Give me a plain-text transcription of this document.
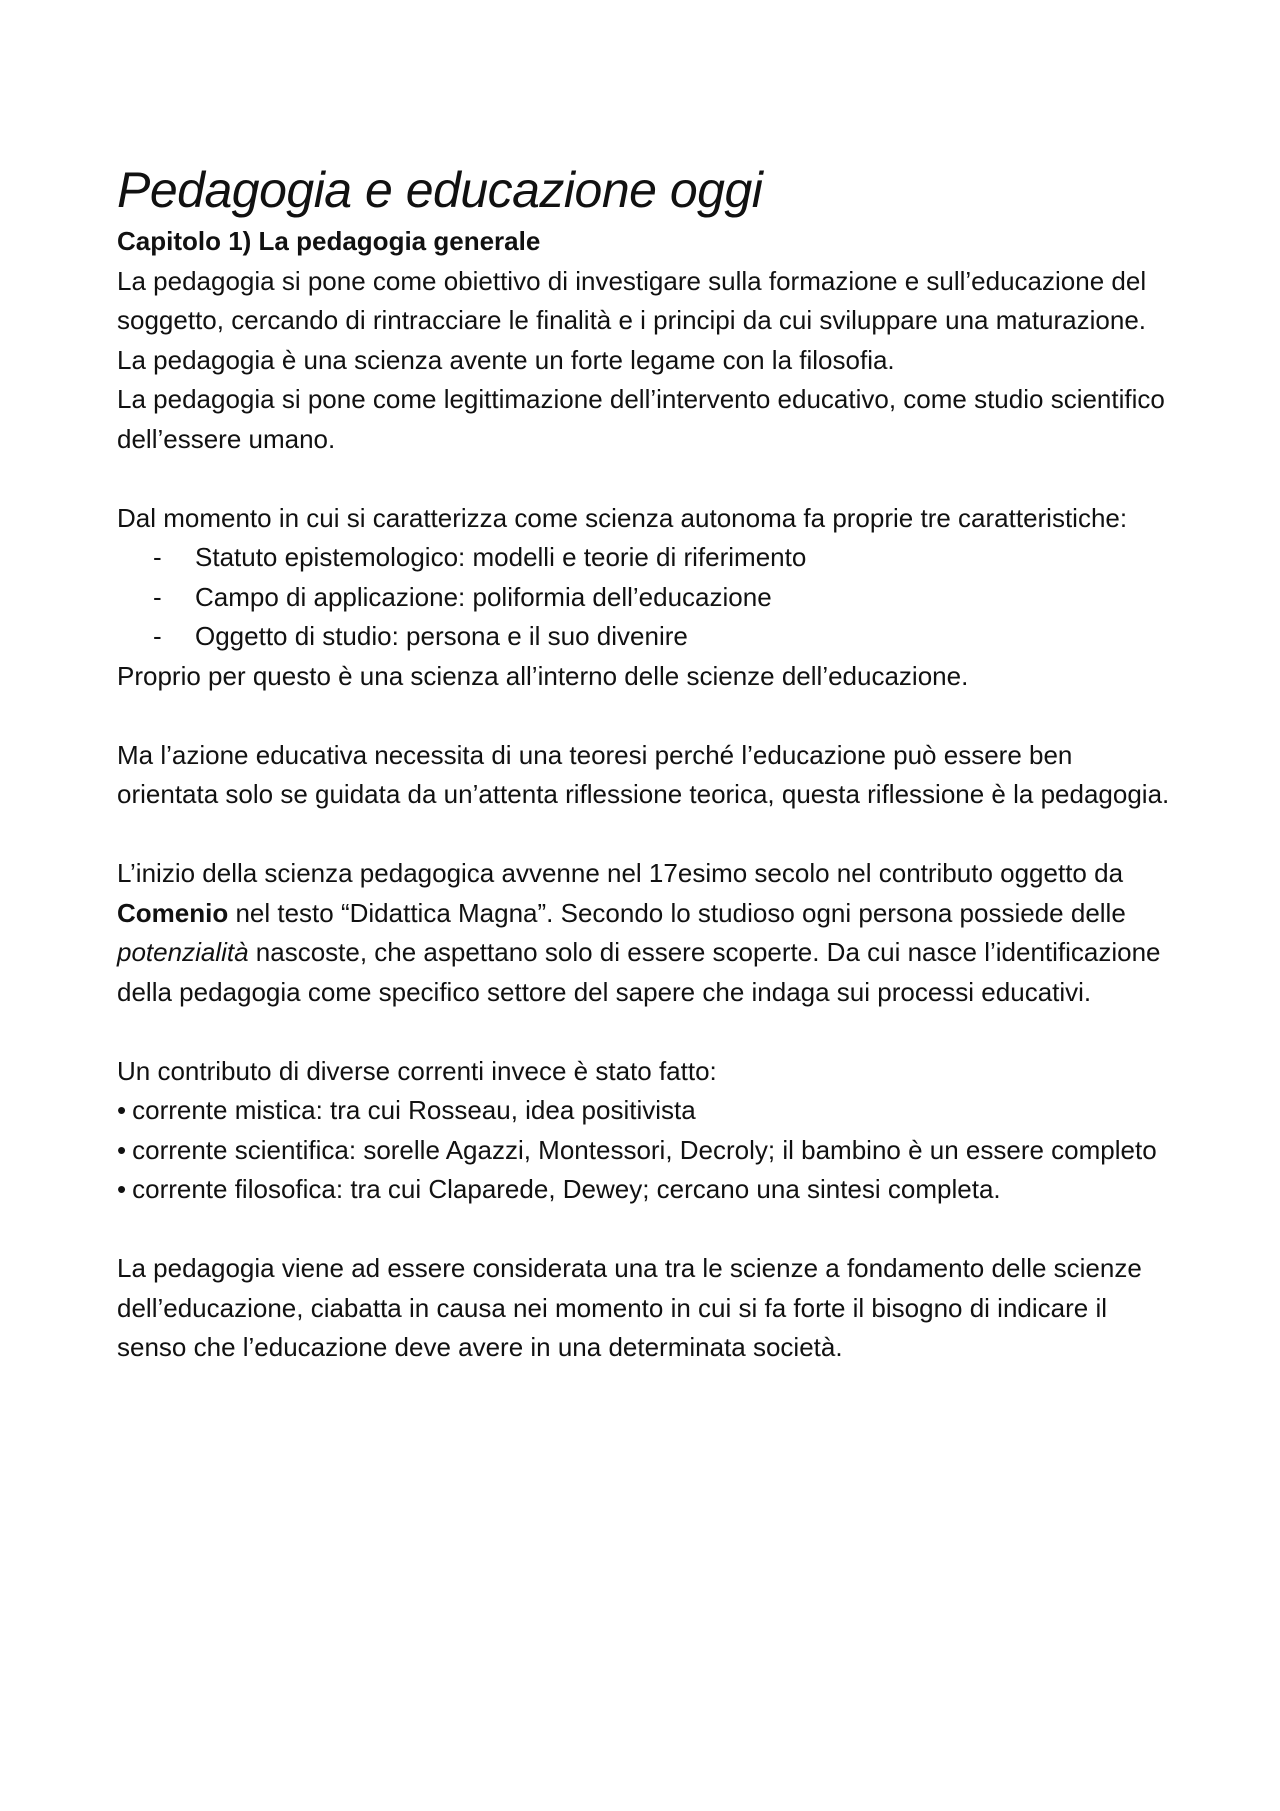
Pedagogia e educazione oggi

Capitolo 1) La pedagogia generale

La pedagogia si pone come obiettivo di investigare sulla formazione e sull’educazione del soggetto, cercando di rintracciare le finalità e i principi da cui sviluppare una maturazione.

La pedagogia è una scienza avente un forte legame con la filosofia.

La pedagogia si pone come legittimazione dell’intervento educativo, come studio scientifico dell’essere umano.

Dal momento in cui si caratterizza come scienza autonoma fa proprie tre caratteristiche:

- Statuto epistemologico: modelli e teorie di riferimento
- Campo di applicazione: poliformia dell’educazione
- Oggetto di studio: persona e il suo divenire

Proprio per questo è una scienza all’interno delle scienze dell’educazione.

Ma l’azione educativa necessita di una teoresi perché l’educazione può essere ben orientata solo se guidata da un’attenta riflessione teorica, questa riflessione è la pedagogia.

L’inizio della scienza pedagogica avvenne nel 17esimo secolo nel contributo oggetto da Comenio nel testo “Didattica Magna”. Secondo lo studioso ogni persona possiede delle potenzialità nascoste, che aspettano solo di essere scoperte. Da cui nasce l’identificazione della pedagogia come specifico settore del sapere che indaga sui processi educativi.

Un contributo di diverse correnti invece è stato fatto:

• corrente mistica: tra cui Rosseau, idea positivista
• corrente scientifica: sorelle Agazzi, Montessori, Decroly; il bambino è un essere completo
• corrente filosofica: tra cui Claparede, Dewey; cercano una sintesi completa.

La pedagogia viene ad essere considerata una tra le scienze a fondamento delle scienze dell’educazione, ciabatta in causa nei momento in cui si fa forte il bisogno di indicare il senso che l’educazione deve avere in una determinata società.
